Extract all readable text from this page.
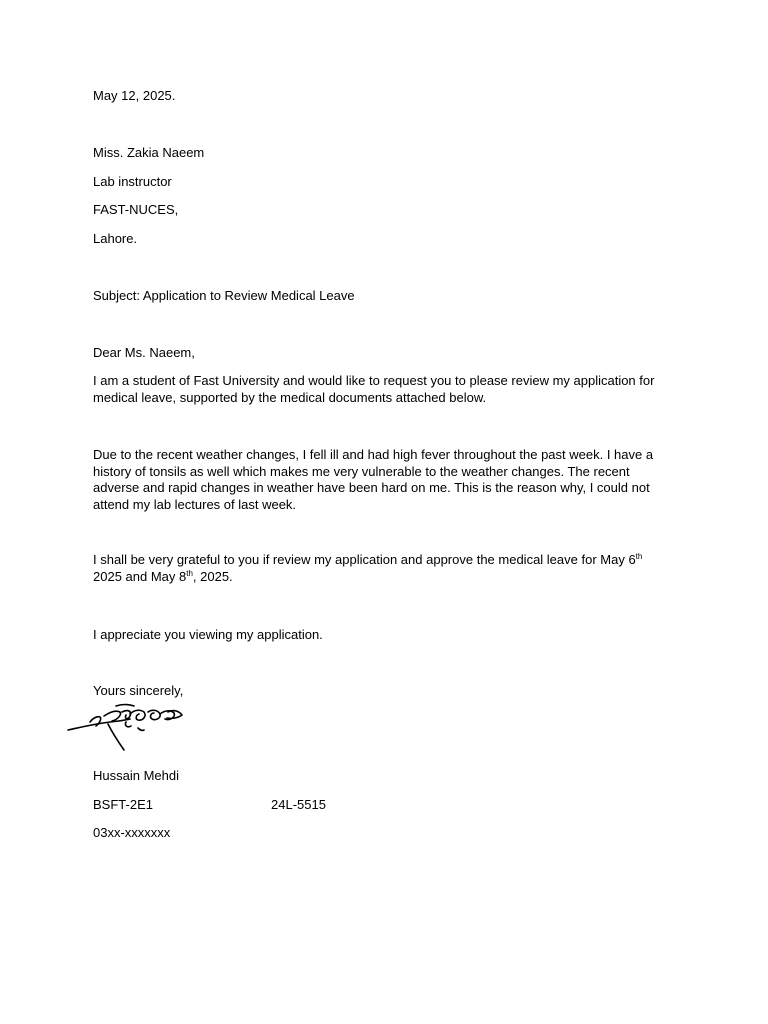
May 12, 2025.
Miss. Zakia Naeem
Lab instructor
FAST-NUCES,
Lahore.
Subject: Application to Review Medical Leave
Dear Ms. Naeem,
I am a student of Fast University and would like to request you to please review my application for medical leave, supported by the medical documents attached below.
Due to the recent weather changes, I fell ill and had high fever throughout the past week. I have a history of tonsils as well which makes me very vulnerable to the weather changes. The recent adverse and rapid changes in weather have been hard on me. This is the reason why, I could not attend my lab lectures of last week.
I shall be very grateful to you if review my application and approve the medical leave for May 6th
2025 and May 8th, 2025.
I appreciate you viewing my application.
Yours sincerely,
Hussain Mehdi
BSFT-2E1	24L-5515
03xx-xxxxxxx
